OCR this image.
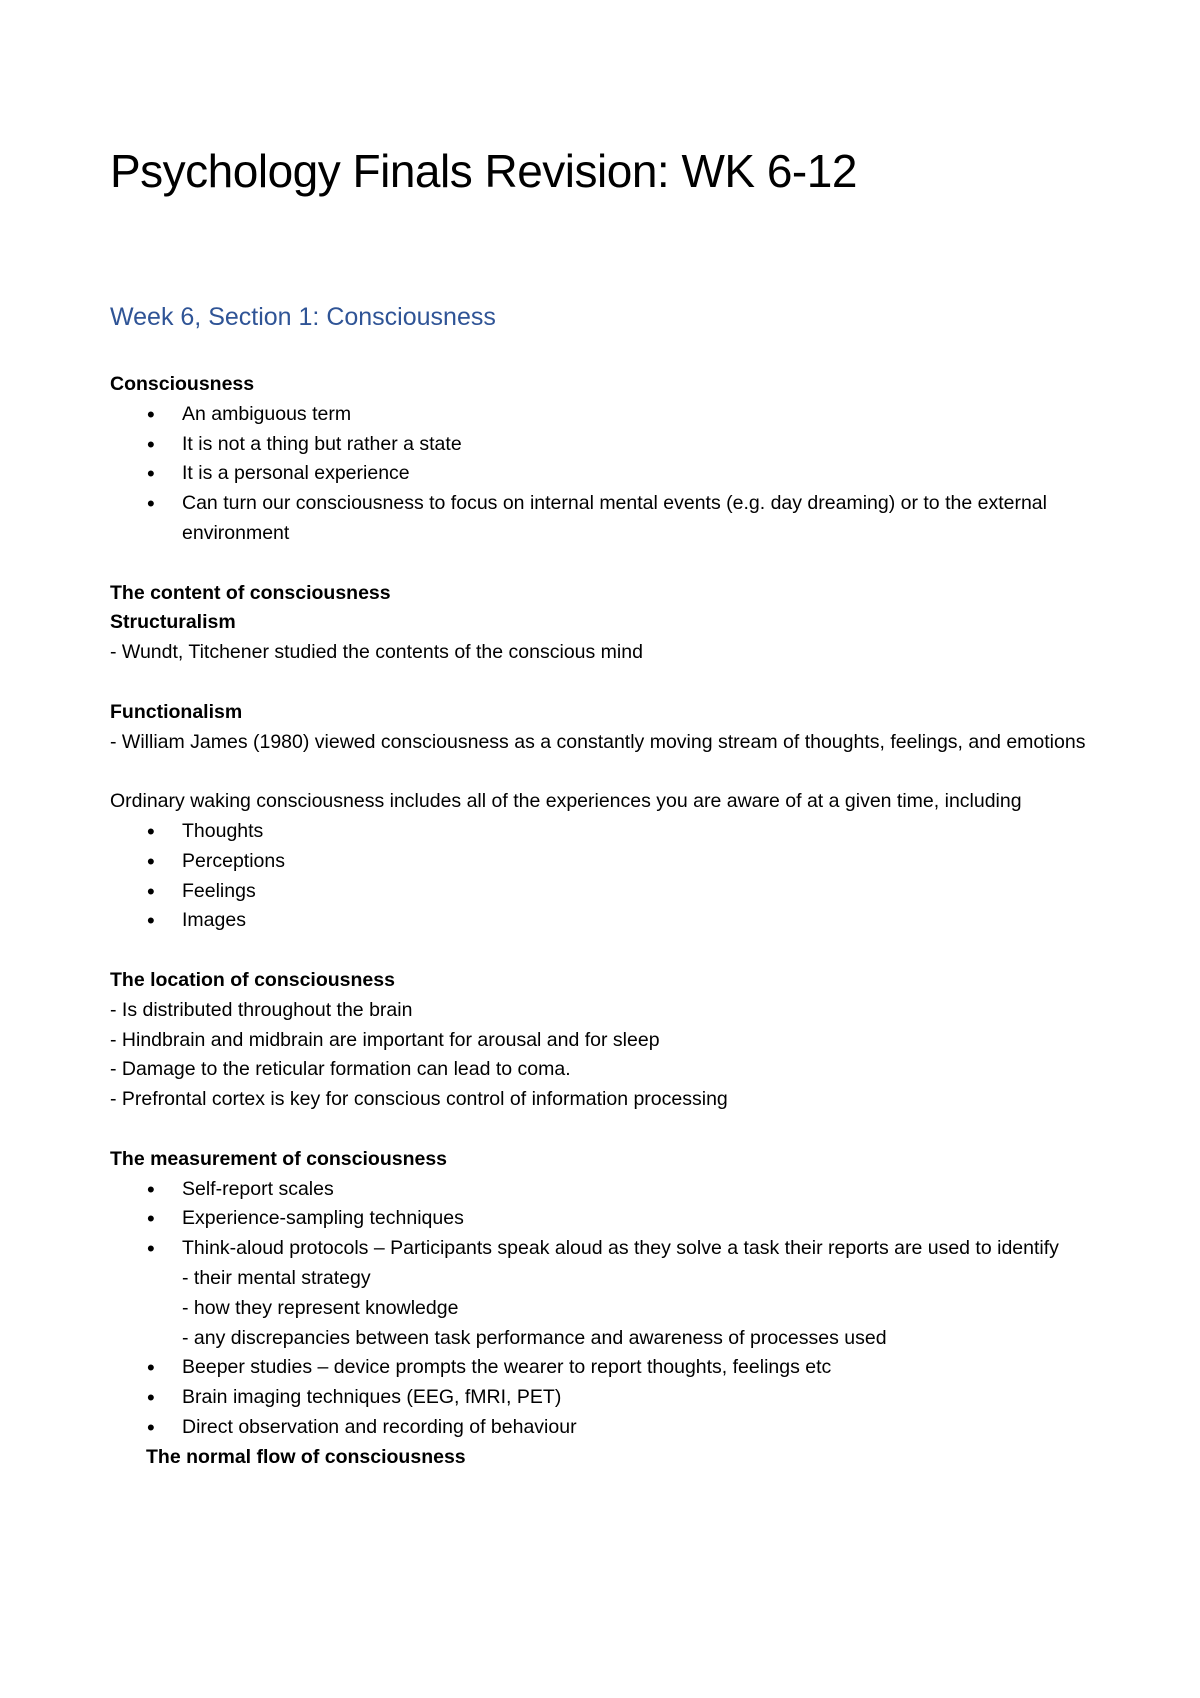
Psychology Finals Revision: WK 6-12
Week 6, Section 1: Consciousness

Consciousness

• An ambiguous term
• It is not a thing but rather a state
• It is a personal experience
• Can turn our consciousness to focus on internal mental events (e.g. day dreaming) or to the external environment

The content of consciousness

Structuralism

- Wundt, Titchener studied the contents of the conscious mind

Functionalism

- William James (1980) viewed consciousness as a constantly moving stream of thoughts, feelings, and emotions

Ordinary waking consciousness includes all of the experiences you are aware of at a given time, including

• Thoughts
• Perceptions
• Feelings
• Images

The location of consciousness

- Is distributed throughout the brain

- Hindbrain and midbrain are important for arousal and for sleep

- Damage to the reticular formation can lead to coma.

- Prefrontal cortex is key for conscious control of information processing

The measurement of consciousness

• Self-report scales
• Experience-sampling techniques
• Think-aloud protocols – Participants speak aloud as they solve a task their reports are used to identify

- their mental strategy

- how they represent knowledge

- any discrepancies between task performance and awareness of processes used

• Beeper studies – device prompts the wearer to report thoughts, feelings etc
• Brain imaging techniques (EEG, fMRI, PET)
• Direct observation and recording of behaviour

The normal flow of consciousness
